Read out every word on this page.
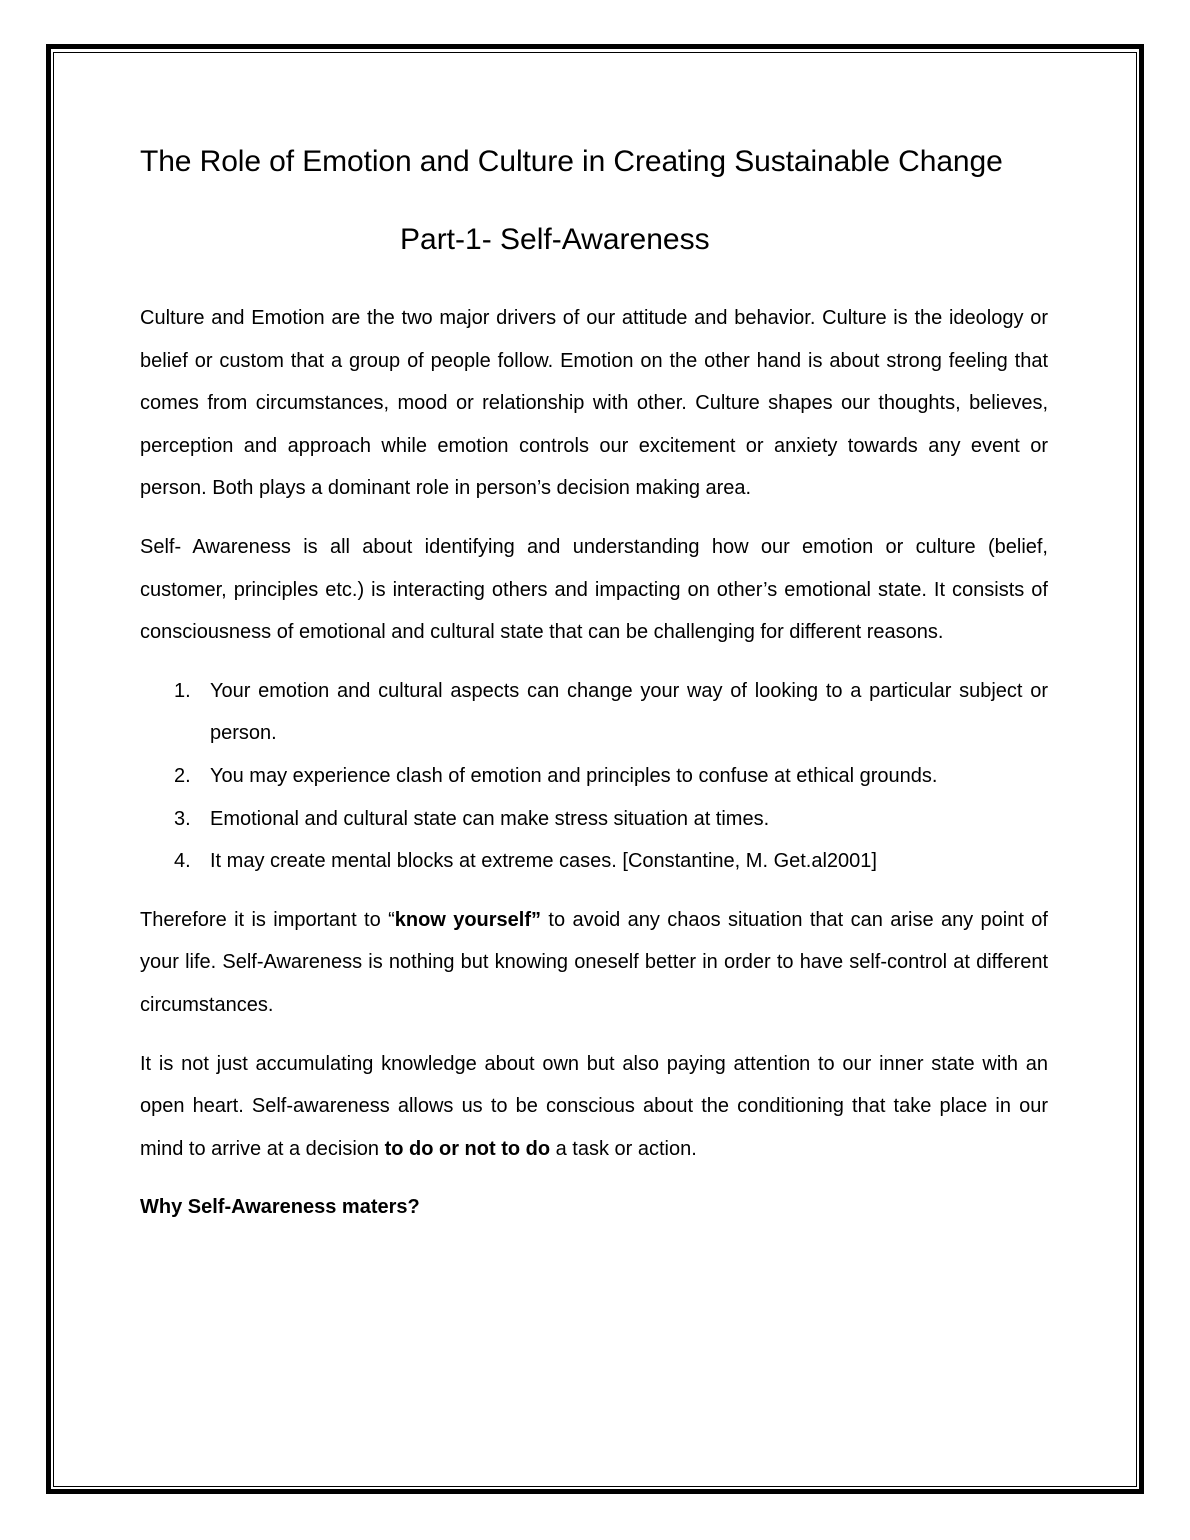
The Role of Emotion and Culture in Creating Sustainable Change
Part-1- Self-Awareness

Culture and Emotion are the two major drivers of our attitude and behavior. Culture is the ideology or belief or custom that a group of people follow. Emotion on the other hand is about strong feeling that comes from circumstances, mood or relationship with other. Culture shapes our thoughts, believes, perception and approach while emotion controls our excitement or anxiety towards any event or person. Both plays a dominant role in person’s decision making area.

Self- Awareness is all about identifying and understanding how our emotion or culture (belief, customer, principles etc.) is interacting others and impacting on other’s emotional state. It consists of consciousness of emotional and cultural state that can be challenging for different reasons.

1. Your emotion and cultural aspects can change your way of looking to a particular subject or person.
2. You may experience clash of emotion and principles to confuse at ethical grounds.
3. Emotional and cultural state can make stress situation at times.
4. It may create mental blocks at extreme cases. [Constantine, M. Get.al2001]

Therefore it is important to “know yourself” to avoid any chaos situation that can arise any point of your life. Self-Awareness is nothing but knowing oneself better in order to have self-control at different circumstances.

It is not just accumulating knowledge about own but also paying attention to our inner state with an open heart. Self-awareness allows us to be conscious about the conditioning that take place in our mind to arrive at a decision to do or not to do a task or action.

Why Self-Awareness maters?
